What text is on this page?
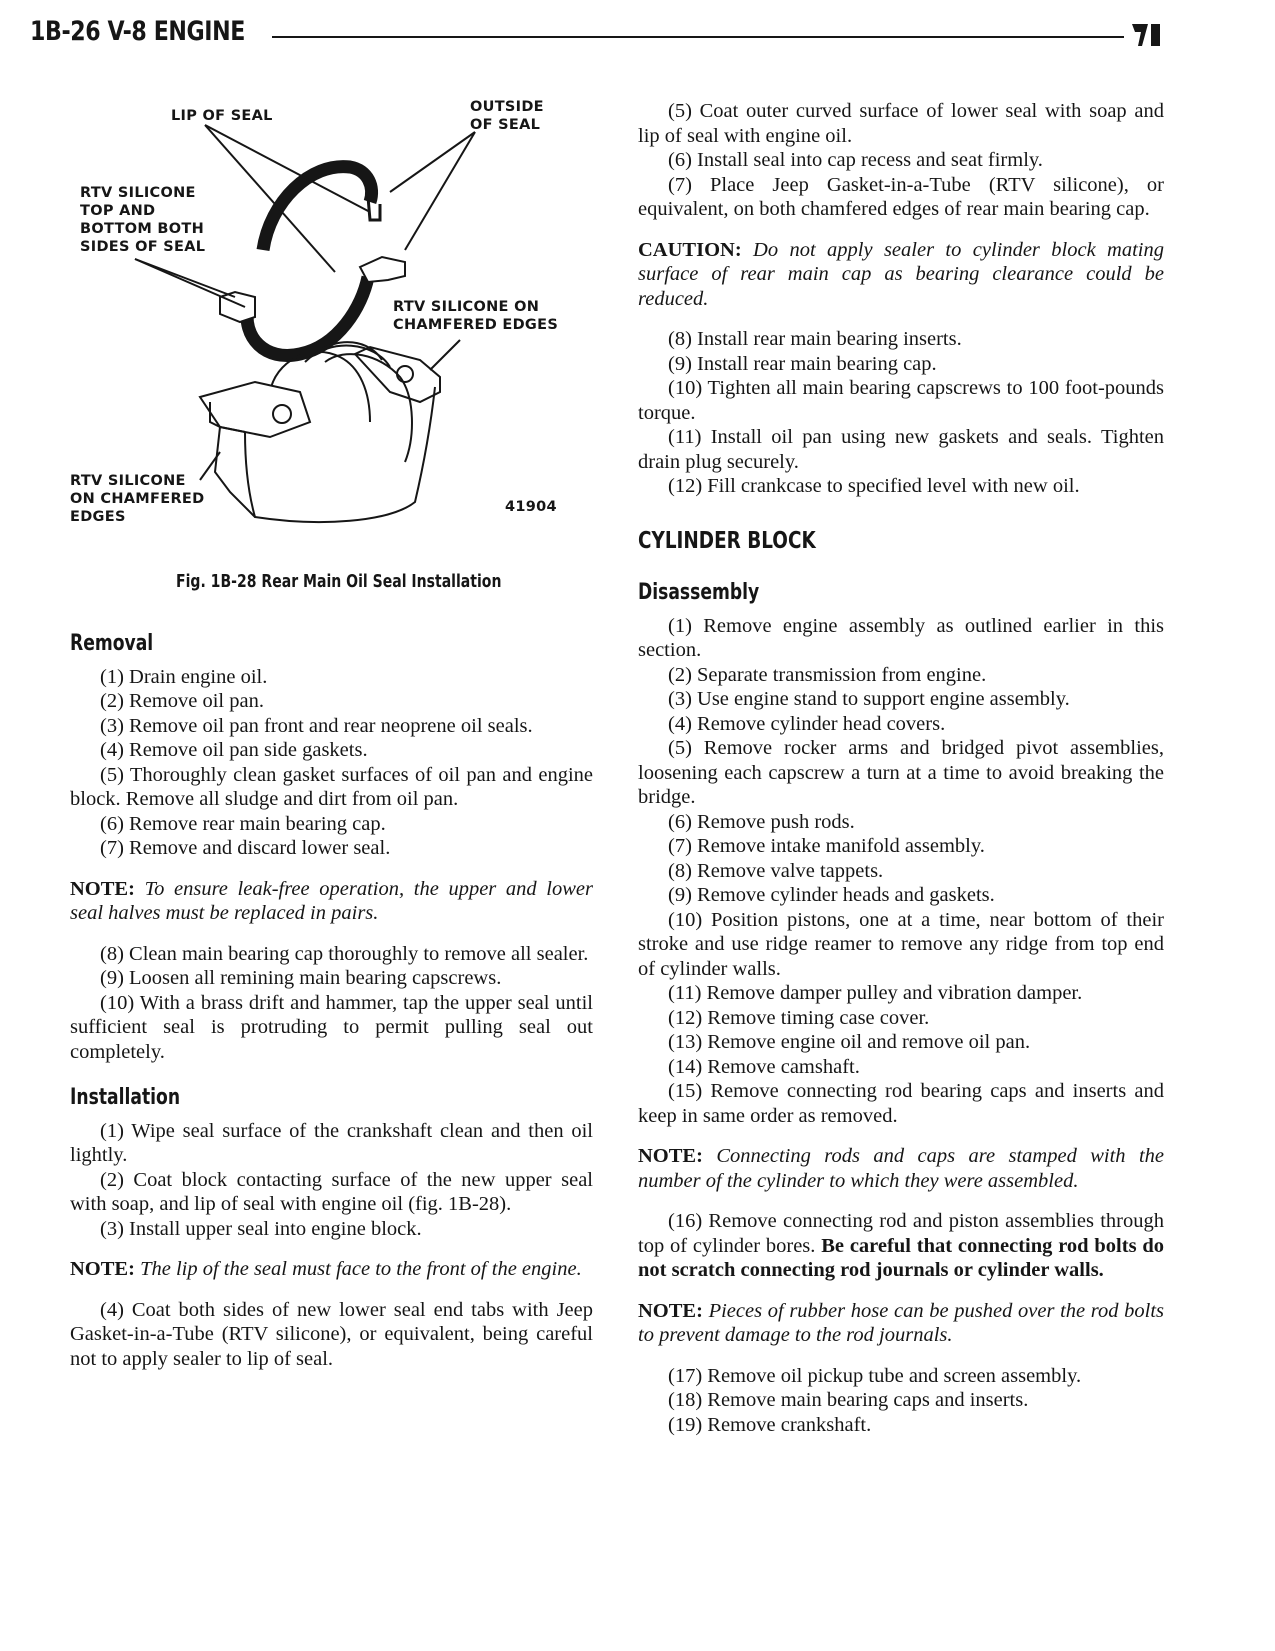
1B-26 V-8 ENGINE
LIP OF SEAL
OUTSIDE
OF SEAL
RTV SILICONE
TOP AND
BOTTOM BOTH
SIDES OF SEAL
RTV SILICONE ON
CHAMFERED EDGES
RTV SILICONE
ON CHAMFERED
EDGES
41904
Fig. 1B-28 Rear Main Oil Seal Installation
Removal

(1) Drain engine oil.

(2) Remove oil pan.

(3) Remove oil pan front and rear neoprene oil seals.

(4) Remove oil pan side gaskets.

(5) Thoroughly clean gasket surfaces of oil pan and engine block. Remove all sludge and dirt from oil pan.

(6) Remove rear main bearing cap.

(7) Remove and discard lower seal.

NOTE: To ensure leak-free operation, the upper and lower seal halves must be replaced in pairs.

(8) Clean main bearing cap thoroughly to remove all sealer.

(9) Loosen all remining main bearing capscrews.

(10) With a brass drift and hammer, tap the upper seal until sufficient seal is protruding to permit pulling seal out completely.

Installation

(1) Wipe seal surface of the crankshaft clean and then oil lightly.

(2) Coat block contacting surface of the new upper seal with soap, and lip of seal with engine oil (fig. 1B-28).

(3) Install upper seal into engine block.

NOTE: The lip of the seal must face to the front of the engine.

(4) Coat both sides of new lower seal end tabs with Jeep Gasket-in-a-Tube (RTV silicone), or equivalent, being careful not to apply sealer to lip of seal.

(5) Coat outer curved surface of lower seal with soap and lip of seal with engine oil.

(6) Install seal into cap recess and seat firmly.

(7) Place Jeep Gasket-in-a-Tube (RTV silicone), or equivalent, on both chamfered edges of rear main bearing cap.

CAUTION: Do not apply sealer to cylinder block mating surface of rear main cap as bearing clearance could be reduced.

(8) Install rear main bearing inserts.

(9) Install rear main bearing cap.

(10) Tighten all main bearing capscrews to 100 foot-pounds torque.

(11) Install oil pan using new gaskets and seals. Tighten drain plug securely.

(12) Fill crankcase to specified level with new oil.

CYLINDER BLOCK
Disassembly

(1) Remove engine assembly as outlined earlier in this section.

(2) Separate transmission from engine.

(3) Use engine stand to support engine assembly.

(4) Remove cylinder head covers.

(5) Remove rocker arms and bridged pivot assemblies, loosening each capscrew a turn at a time to avoid breaking the bridge.

(6) Remove push rods.

(7) Remove intake manifold assembly.

(8) Remove valve tappets.

(9) Remove cylinder heads and gaskets.

(10) Position pistons, one at a time, near bottom of their stroke and use ridge reamer to remove any ridge from top end of cylinder walls.

(11) Remove damper pulley and vibration damper.

(12) Remove timing case cover.

(13) Remove engine oil and remove oil pan.

(14) Remove camshaft.

(15) Remove connecting rod bearing caps and inserts and keep in same order as removed.

NOTE: Connecting rods and caps are stamped with the number of the cylinder to which they were assembled.

(16) Remove connecting rod and piston assemblies through top of cylinder bores. Be careful that connecting rod bolts do not scratch connecting rod journals or cylinder walls.

NOTE: Pieces of rubber hose can be pushed over the rod bolts to prevent damage to the rod journals.

(17) Remove oil pickup tube and screen assembly.

(18) Remove main bearing caps and inserts.

(19) Remove crankshaft.
